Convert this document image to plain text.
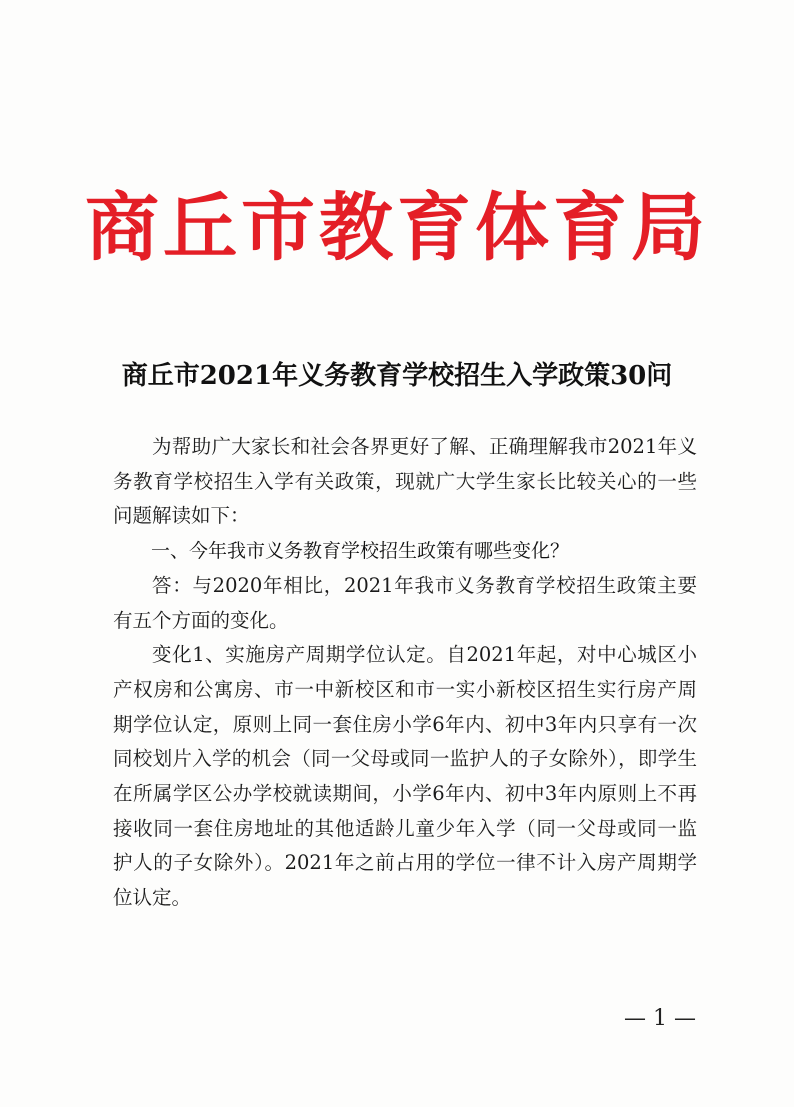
商丘市教育体育局
商丘市2021年义务教育学校招生入学政策30问

为帮助广大家长和社会各界更好了解、正确理解我市2021年义务教育学校招生入学有关政策，现就广大学生家长比较关心的一些问题解读如下：

一、今年我市义务教育学校招生政策有哪些变化？

答：与2020年相比，2021年我市义务教育学校招生政策主要有五个方面的变化。

变化1、实施房产周期学位认定。自2021年起，对中心城区小产权房和公寓房、市一中新校区和市一实小新校区招生实行房产周期学位认定，原则上同一套住房小学6年内、初中3年内只享有一次同校划片入学的机会（同一父母或同一监护人的子女除外），即学生在所属学区公办学校就读期间，小学6年内、初中3年内原则上不再接收同一套住房地址的其他适龄儿童少年入学（同一父母或同一监护人的子女除外）。2021年之前占用的学位一律不计入房产周期学位认定。

— 1 —
